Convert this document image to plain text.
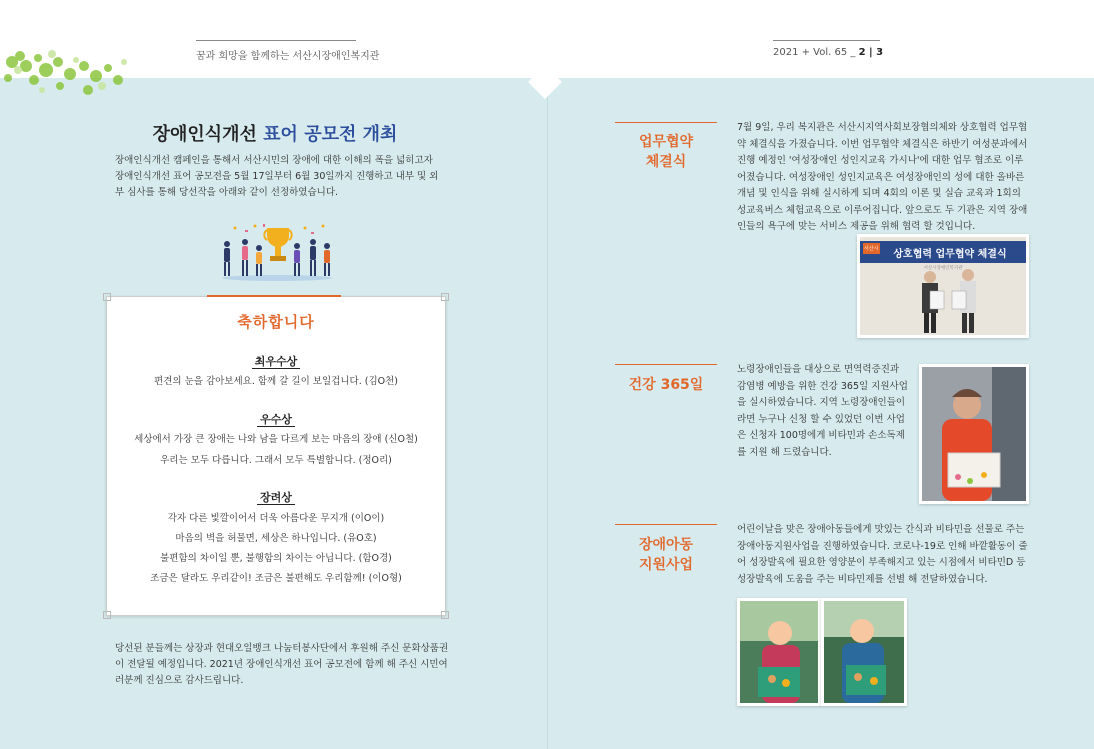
꿈과 희망을 함께하는 서산시장애인복지관	2021 + Vol. 65 _ 2 | 3
장애인식개선 표어 공모전 개최
장애인식개선 캠페인을 통해서 서산시민의 장애에 대한 이해의 폭을 넓히고자 장애인식개선 표어 공모전을 5월 17일부터 6월 30일까지 진행하고 내부 및 외부 심사를 통해 당선작을 아래와 같이 선정하였습니다.
축하합니다
최우수상
편견의 눈을 감아보세요. 함께 갈 길이 보일겁니다. (김O천)
우수상
세상에서 가장 큰 장애는 나와 남을 다르게 보는 마음의 장애 (신O철)
우리는 모두 다릅니다. 그래서 모두 특별합니다. (정O리)
장려상
각자 다른 빛깔이어서 더욱 아름다운 무지개 (이O이)
마음의 벽을 허물면, 세상은 하나입니다. (유O호)
불편함의 차이일 뿐, 불행함의 차이는 아닙니다. (함O경)
조금은 달라도 우리같이! 조금은 불편해도 우리함께! (이O형)
당선된 분들께는 상장과 현대오일뱅크 나눔터봉사단에서 후원해 주신 문화상품권이 전달될 예정입니다. 2021년 장애인식개선 표어 공모전에 함께 해 주신 시민여러분께 진심으로 감사드립니다.
업무협약
체결식
7월 9일, 우리 복지관은 서산시지역사회보장협의체와 상호협력 업무협약 체결식을 가졌습니다. 이번 업무협약 체결식은 하반기 여성분과에서 진행 예정인 '여성장애인 성인지교육 가시나'에 대한 업무 협조로 이루어졌습니다. 여성장애인 성인지교육은 여성장애인의 성에 대한 올바른 개념 및 인식을 위해 실시하게 되며 4회의 이론 및 실습 교육과 1회의 성교육버스 체험교육으로 이루어집니다. 앞으로도 두 기관은 지역 장애인들의 욕구에 맞는 서비스 제공을 위해 협력 할 것입니다.
상호협력 업무협약 체결식
서산시
서산시장애인복지관
건강 365일
노령장애인들을 대상으로 면역력증진과 감염병 예방을 위한 건강 365일 지원사업을 실시하였습니다. 지역 노령장애인들이라면 누구나 신청 할 수 있었던 이번 사업은 신청자 100명에게 비타민과 손소독제를 지원 해 드렸습니다.
장애아동
지원사업
어린이날을 맞은 장애아동들에게 맛있는 간식과 비타민을 선물로 주는 장애아동지원사업을 진행하였습니다. 코로나-19로 인해 바깥활동이 줄어 성장발육에 필요한 영양분이 부족해지고 있는 시점에서 비타민D 등 성장발육에 도움을 주는 비타민제를 선별 해 전달하였습니다.
